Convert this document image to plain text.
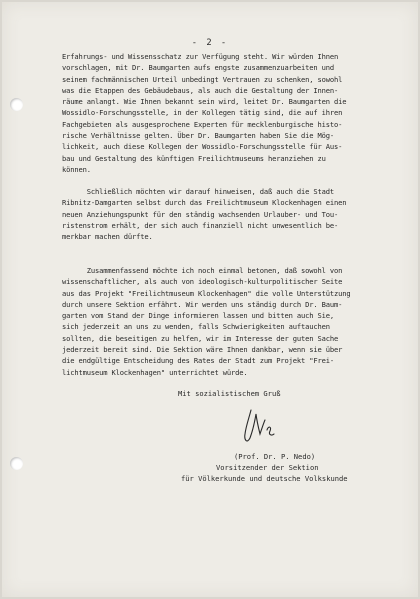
- 2 -

Erfahrungs- und Wissensschatz zur Verfügung steht. Wir würden Ihnen
vorschlagen, mit Dr. Baumgarten aufs engste zusammenzuarbeiten und
seinem fachmännischen Urteil unbedingt Vertrauen zu schenken, sowohl
was die Etappen des Gebäudebaus, als auch die Gestaltung der Innen-
räume anlangt. Wie Ihnen bekannt sein wird, leitet Dr. Baumgarten die
Wossidlo-Forschungsstelle, in der Kollegen tätig sind, die auf ihren
Fachgebieten als ausgesprochene Experten für mecklenburgische histo-
rische Verhältnisse gelten. Über Dr. Baumgarten haben Sie die Mög-
lichkeit, auch diese Kollegen der Wossidlo-Forschungsstelle für Aus-
bau und Gestaltung des künftigen Freilichtmuseums heranziehen zu
können.

Schließlich möchten wir darauf hinweisen, daß auch die Stadt
Ribnitz-Damgarten selbst durch das Freilichtmuseum Klockenhagen einen
neuen Anziehungspunkt für den ständig wachsenden Urlauber- und Tou-
ristenstrom erhält, der sich auch finanziell nicht unwesentlich be-
merkbar machen dürfte.

Zusammenfassend möchte ich noch einmal betonen, daß sowohl von
wissenschaftlicher, als auch von ideologisch-kulturpolitischer Seite
aus das Projekt "Freilichtmuseum Klockenhagen" die volle Unterstützung
durch unsere Sektion erfährt. Wir werden uns ständig durch Dr. Baum-
garten vom Stand der Dinge informieren lassen und bitten auch Sie,
sich jederzeit an uns zu wenden, falls Schwierigkeiten auftauchen
sollten, die beseitigen zu helfen, wir im Interesse der guten Sache
jederzeit bereit sind. Die Sektion wäre Ihnen dankbar, wenn sie über
die endgültige Entscheidung des Rates der Stadt zum Projekt "Frei-
lichtmuseum Klockenhagen" unterrichtet würde.

Mit sozialistischem Gruß
(Prof. Dr. P. Nedo)
Vorsitzender der Sektion
für Völkerkunde und deutsche Volkskunde
